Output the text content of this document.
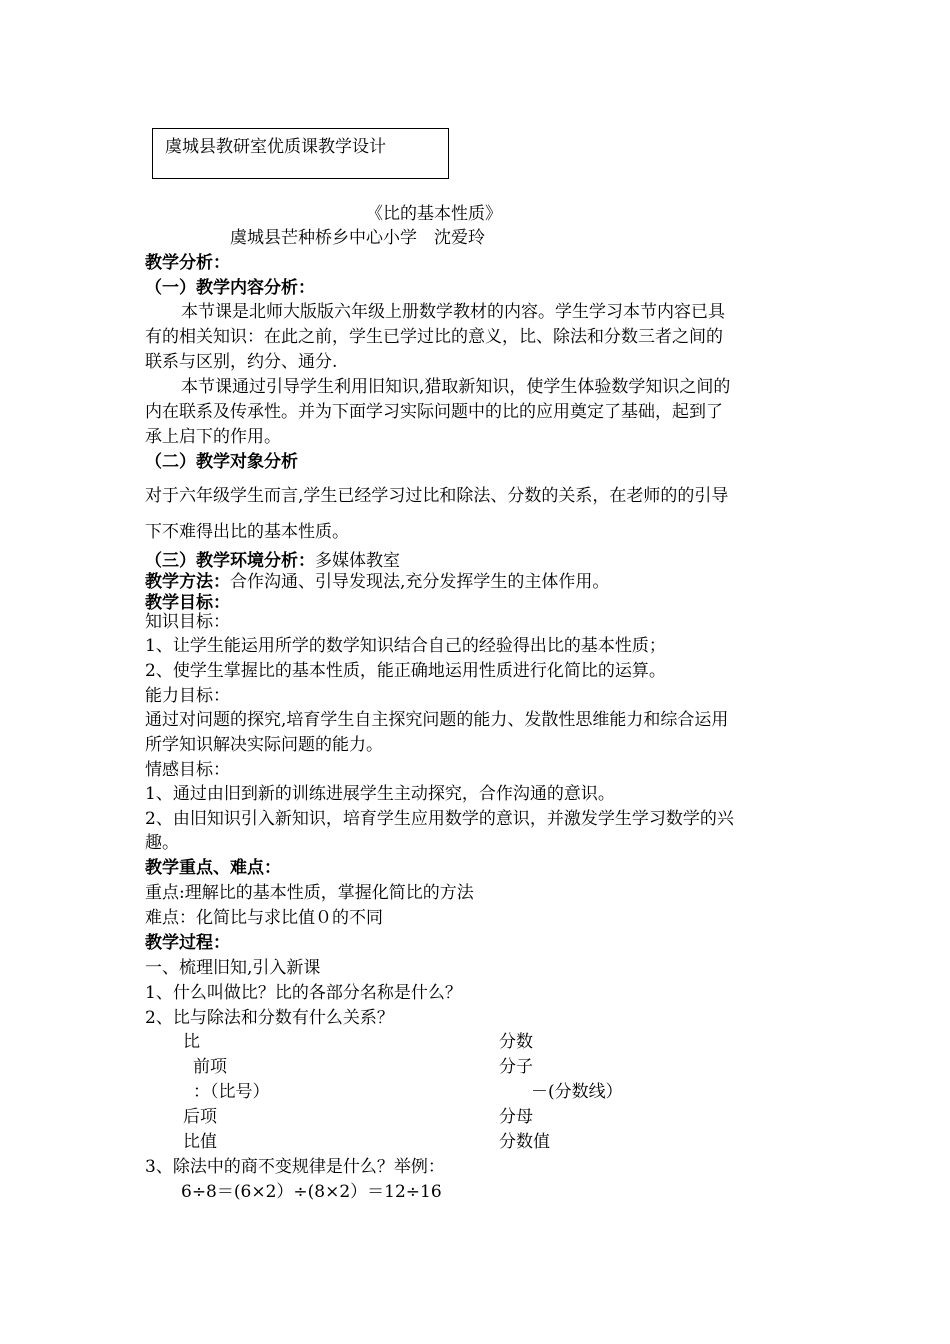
虞城县教研室优质课教学设计
《比的基本性质》
虞城县芒种桥乡中心小学　沈爱玲
教学分析：
（一）教学内容分析：
本节课是北师大版版六年级上册数学教材的内容。学生学习本节内容已具
有的相关知识：在此之前，学生已学过比的意义，比、除法和分数三者之间的
联系与区别，约分、通分.
本节课通过引导学生利用旧知识,猎取新知识，使学生体验数学知识之间的
内在联系及传承性。并为下面学习实际问题中的比的应用奠定了基础，起到了
承上启下的作用。
（二）教学对象分析
对于六年级学生而言,学生已经学习过比和除法、分数的关系，在老师的的引导
下不难得出比的基本性质。
（三）教学环境分析：多媒体教室
教学方法：合作沟通、引导发现法,充分发挥学生的主体作用。
教学目标：
知识目标：
1、让学生能运用所学的数学知识结合自己的经验得出比的基本性质；
2、使学生掌握比的基本性质，能正确地运用性质进行化简比的运算。
能力目标：
通过对问题的探究,培育学生自主探究问题的能力、发散性思维能力和综合运用
所学知识解决实际问题的能力。
情感目标：
1、通过由旧到新的训练进展学生主动探究，合作沟通的意识。
2、由旧知识引入新知识，培育学生应用数学的意识，并激发学生学习数学的兴
趣。
教学重点、难点：
重点:理解比的基本性质，掌握化简比的方法
难点：化简比与求比值０的不同
教学过程：
一、梳理旧知,引入新课
1、什么叫做比？比的各部分名称是什么？
2、比与除法和分数有什么关系？
比
前项
：（比号）
后项
比值
分数
分子
－(分数线）
分母
分数值
3、除法中的商不变规律是什么？举例：
6÷8＝(6×2）÷(8×2）＝12÷16
